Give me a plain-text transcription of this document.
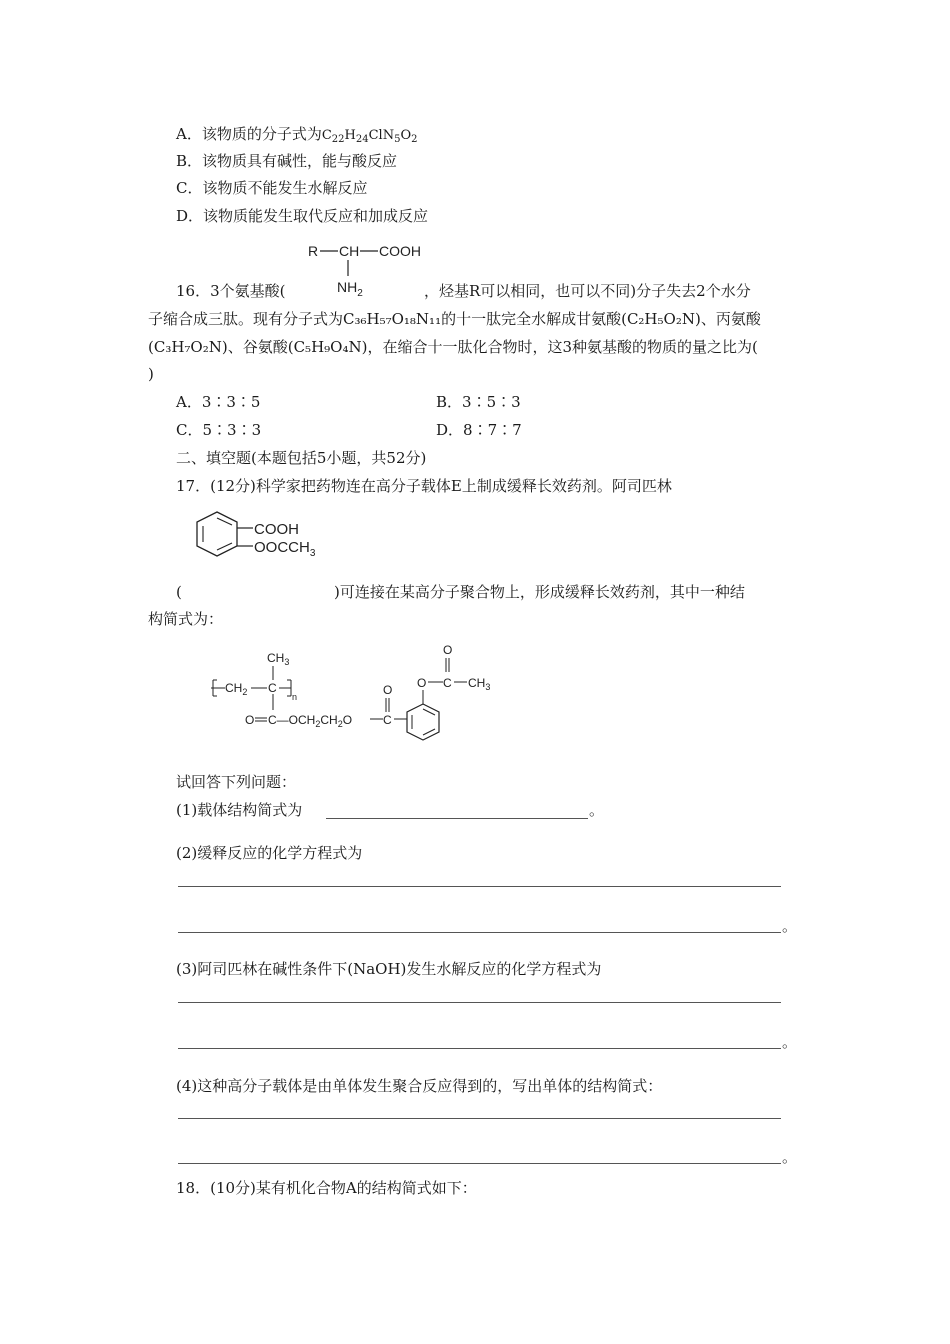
A．该物质的分子式为$C_{22}H_{24}ClN_5O_2$
B．该物质具有碱性，能与酸反应
C．该物质不能发生水解反应
D．该物质能发生取代反应和加成反应
R CH COOH
$NH_2$
16．3个氨基酸(	，烃基R可以相同，也可以不同)分子失去2个水分
子缩合成三肽。现有分子式为C₃₆H₅₇O₁₈N₁₁的十一肽完全水解成甘氨酸(C₂H₅O₂N)、丙氨酸
(C₃H₇O₂N)、谷氨酸(C₅H₉O₄N)，在缩合十一肽化合物时，这3种氨基酸的物质的量之比为(
)
A．3∶3∶5	B．3∶5∶3
C．5∶3∶3	D．8∶7∶7
二、填空题(本题包括5小题，共52分)
17．(12分)科学家把药物连在高分子载体E上制成缓释长效药剂。阿司匹林
COOH
$OOCCH_3$
(	)可连接在某高分子聚合物上，形成缓释长效药剂，其中一种结
构简式为：
$CH_2$ C
n
$CH_3$
O $C—OCH_2CH_2O$	C
O O C
O
$CH_3$
试回答下列问题：
(1)载体结构简式为	。
(2)缓释反应的化学方程式为
。
(3)阿司匹林在碱性条件下(NaOH)发生水解反应的化学方程式为
。
(4)这种高分子载体是由单体发生聚合反应得到的，写出单体的结构简式：
。
18．(10分)某有机化合物A的结构简式如下：
